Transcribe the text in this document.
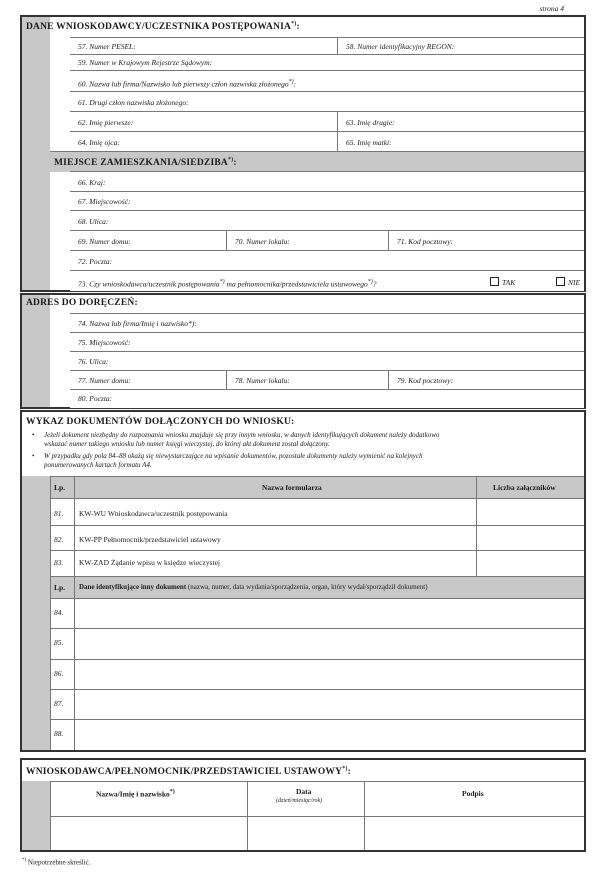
strona 4
DANE WNIOSKODAWCY/UCZESTNIKA POSTĘPOWANIA*):
57. Numer PESEL:	58. Numer identyfikacyjny REGON:
59. Numer w Krajowym Rejestrze Sądowym:
60. Nazwa lub firma/Nazwisko lub pierwszy człon nazwiska złożonego*):
61. Drugi człon nazwiska złożonego:
62. Imię pierwsze:	63. Imię drugie:
64. Imię ojca:	65. Imię matki:
MIEJSCE ZAMIESZKANIA/SIEDZIBA*):
66. Kraj:
67. Miejscowość:
68. Ulica:
69. Numer domu:	70. Numer lokalu:	71. Kod pocztowy:
72. Poczta:
73. Czy wnioskodawca/uczestnik postępowania*) ma pełnomocnika/przedstawiciela ustawowego*)?	TAK	NIE
ADRES DO DORĘCZEŃ:
74. Nazwa lub firma/Imię i nazwisko*):
75. Miejscowość:
76. Ulica:
77. Numer domu:	78. Numer lokalu:	79. Kod pocztowy:
80. Poczta:
WYKAZ DOKUMENTÓW DOŁĄCZONYCH DO WNIOSKU:
• Jeżeli dokument niezbędny do rozpoznania wniosku znajduje się przy innym wniosku, w danych identyfikujących dokument należy dodatkowo
wskazać numer takiego wniosku lub numer księgi wieczystej, do której akt dokument został dołączony.
• W przypadku gdy pola 84–88 okażą się niewystarczające na wpisanie dokumentów, pozostałe dokumenty należy wymienić na kolejnych
ponumerowanych kartach formatu A4.
Lp.	Nazwa formularza	Liczba załączników
81. KW-WU Wnioskodawca/uczestnik postępowania
82. KW-PP Pełnomocnik/przedstawiciel ustawowy
83. KW-ZAD Żądanie wpisu w księdze wieczystej
Lp. Dane identyfikujące inny dokument (nazwa, numer, data wydania/sporządzenia, organ, który wydał/sporządził dokument)
84.
85.
86.
87.
88.
WNIOSKODAWCA/PEŁNOMOCNIK/PRZEDSTAWICIEL USTAWOWY*):
Nazwa/Imię i nazwisko*)	Data
(dzień/miesiąc/rok)
Podpis
*) Niepotrzebne skreślić.
